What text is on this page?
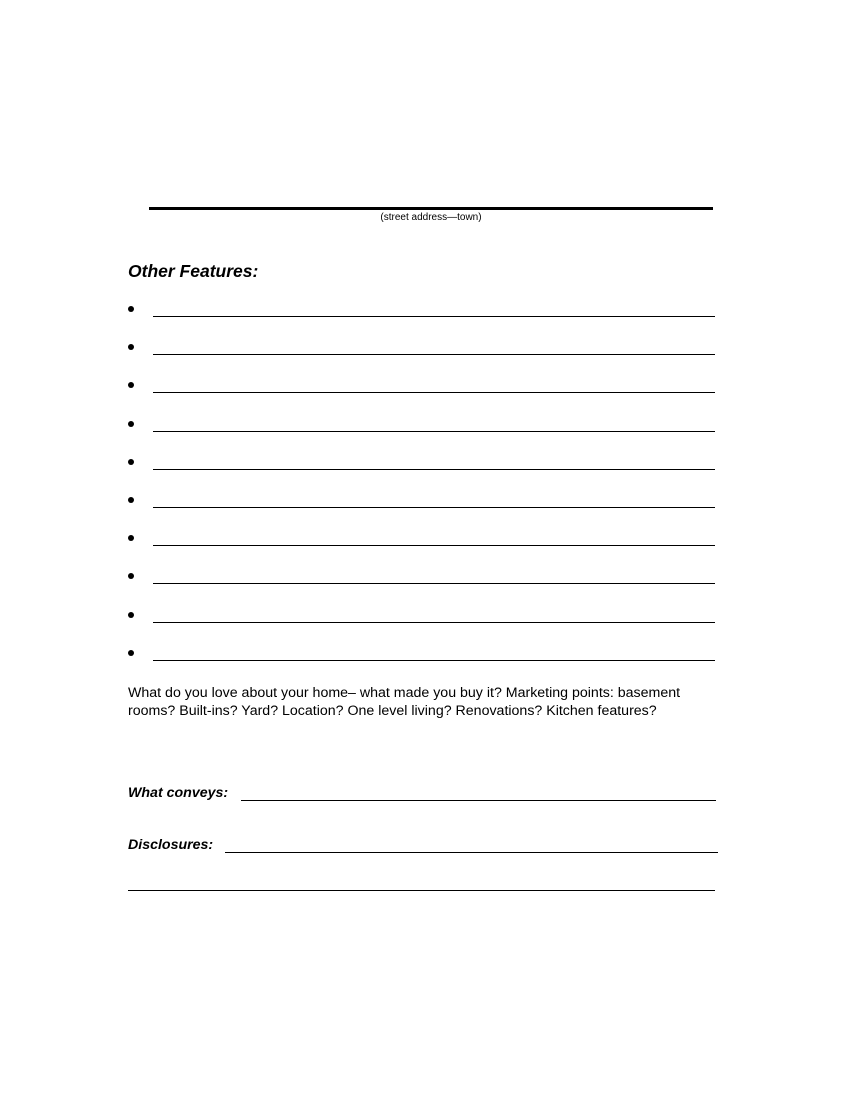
(street address—town)
Other Features:
What do you love about your home– what made you buy it? Marketing points: basement rooms? Built-ins? Yard? Location? One level living? Renovations? Kitchen features?
What conveys:
Disclosures:
